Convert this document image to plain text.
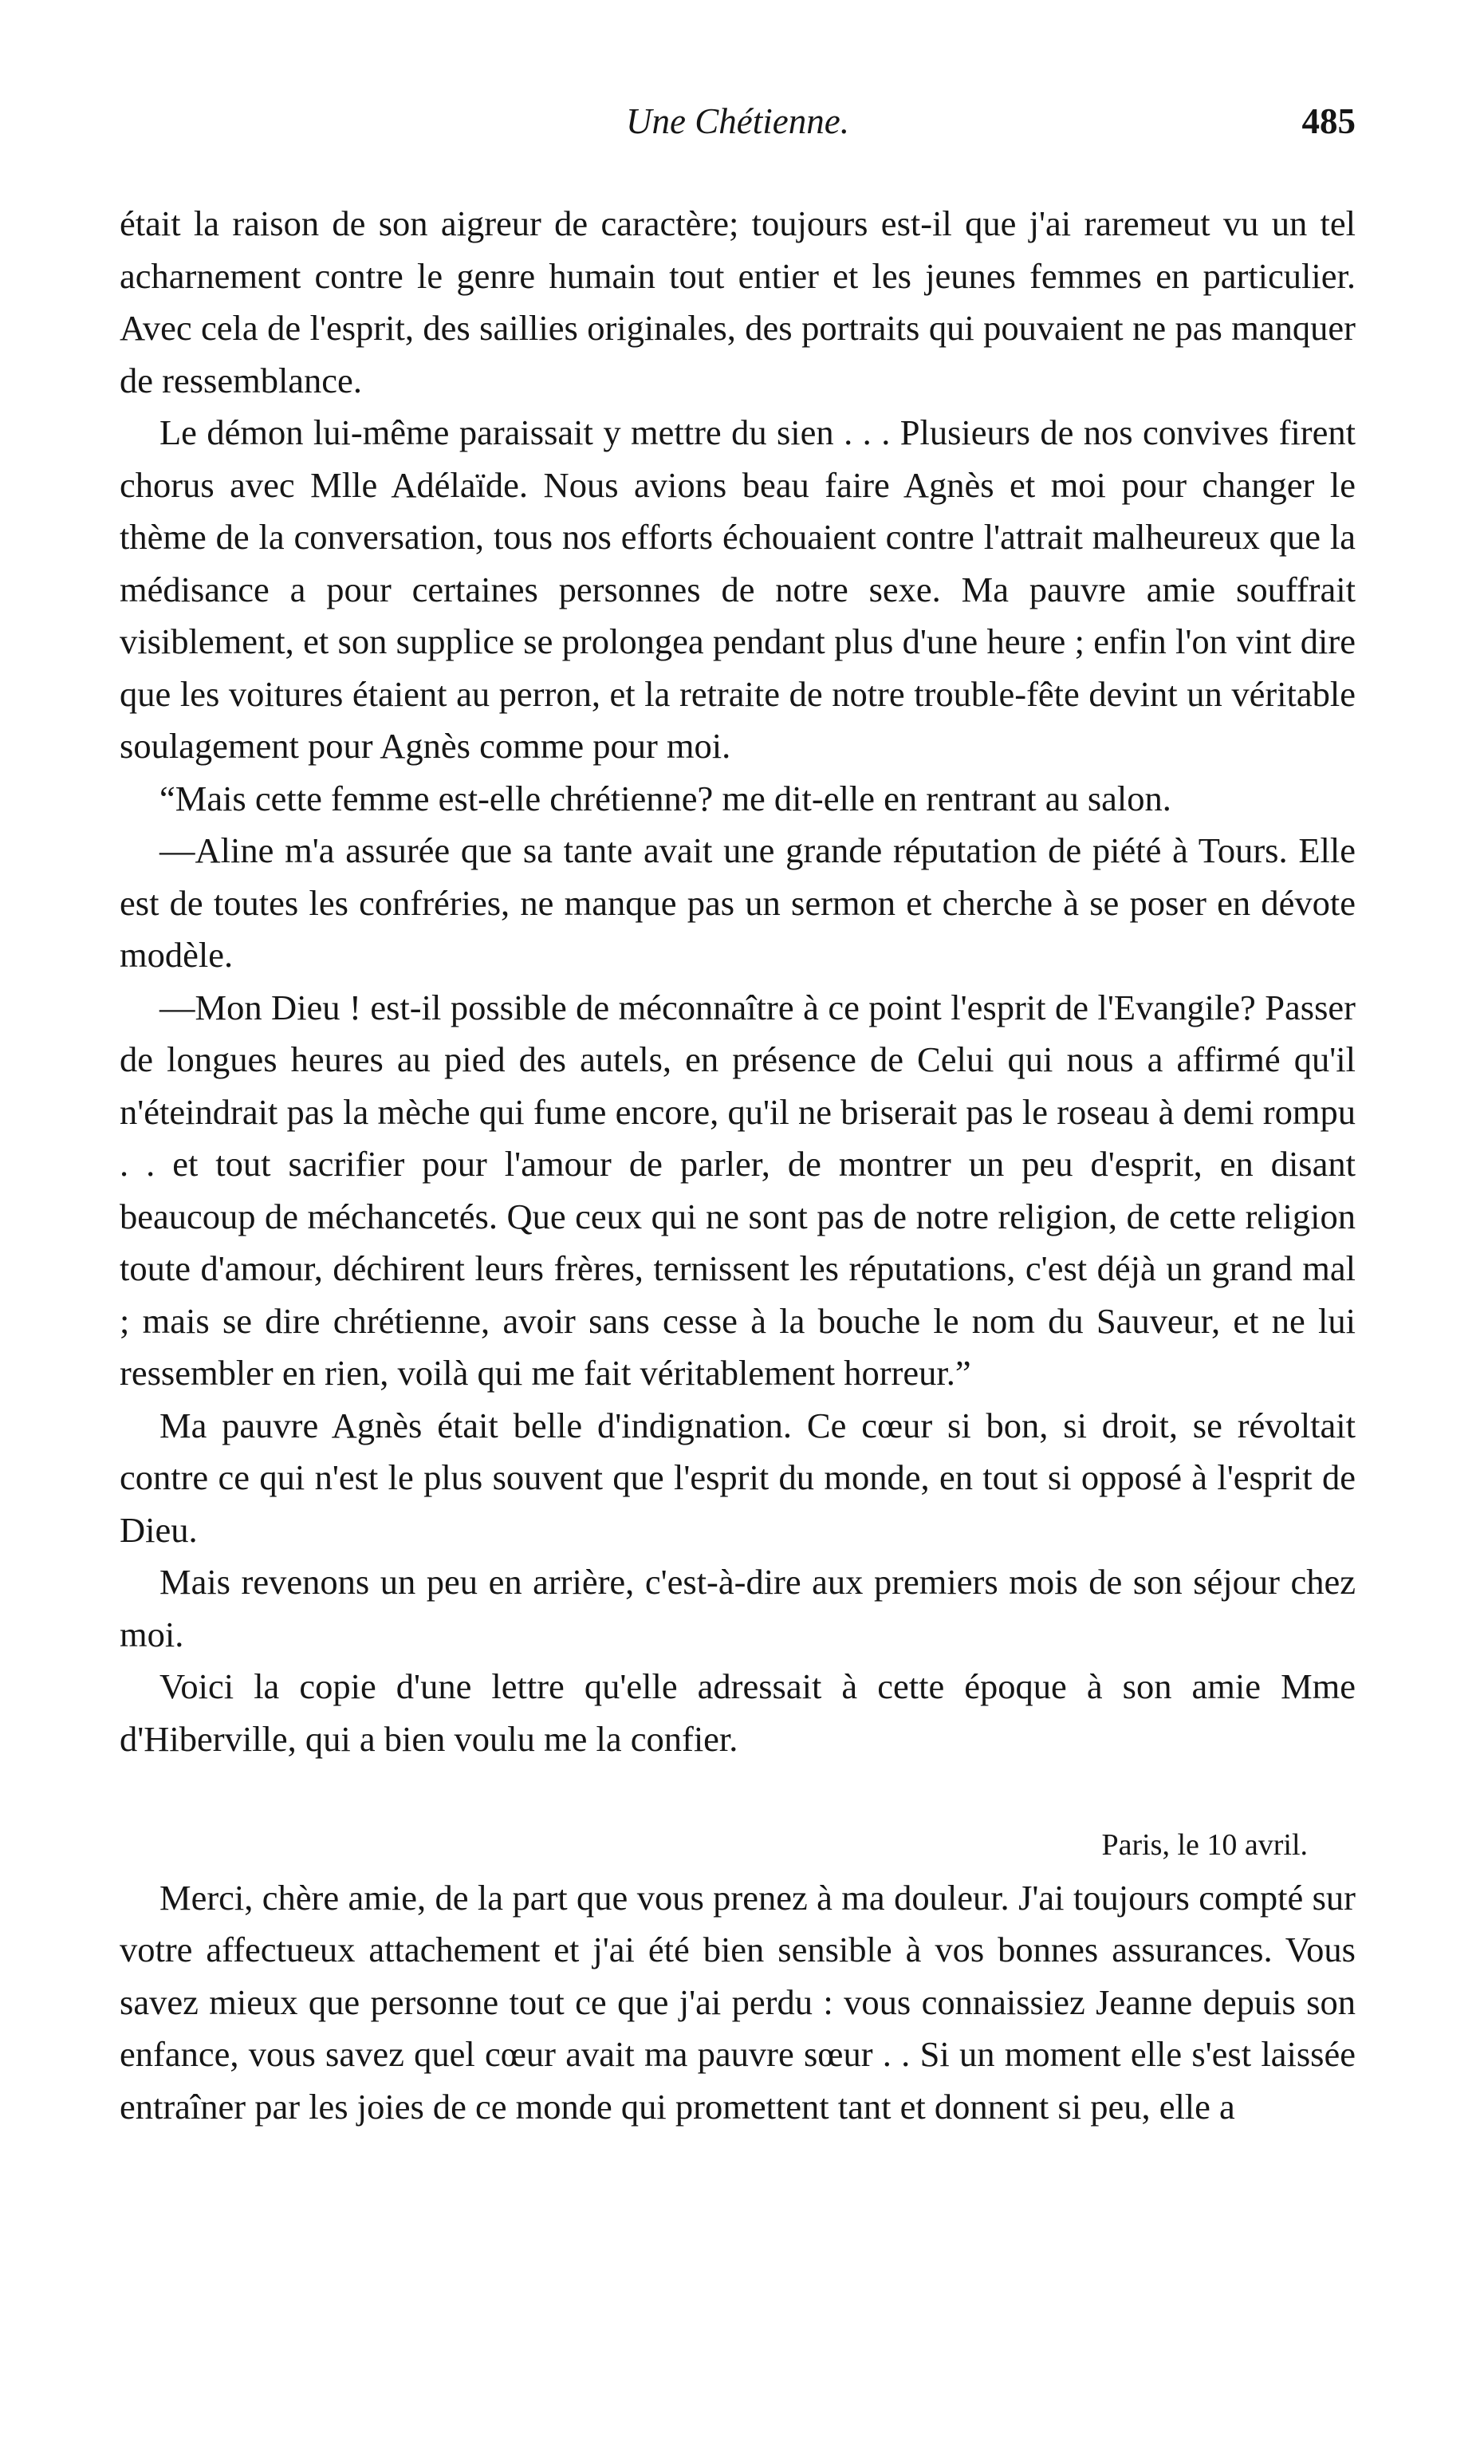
Une Chétienne.	485

était la raison de son aigreur de caractère; toujours est-il que j'ai raremeut vu un tel acharnement contre le genre humain tout entier et les jeunes femmes en particulier. Avec cela de l'esprit, des saillies originales, des portraits qui pouvaient ne pas manquer de ressemblance.

Le démon lui-même paraissait y mettre du sien . . . Plusieurs de nos convives firent chorus avec Mlle Adélaïde. Nous avions beau faire Agnès et moi pour changer le thème de la conversation, tous nos efforts échouaient contre l'attrait malheureux que la médisance a pour certaines personnes de notre sexe. Ma pauvre amie souffrait visiblement, et son supplice se prolongea pendant plus d'une heure ; enfin l'on vint dire que les voitures étaient au perron, et la retraite de notre trouble-fête devint un véritable soulagement pour Agnès comme pour moi.

“Mais cette femme est-elle chrétienne? me dit-elle en rentrant au salon.

—Aline m'a assurée que sa tante avait une grande réputation de piété à Tours. Elle est de toutes les confréries, ne manque pas un sermon et cherche à se poser en dévote modèle.

—Mon Dieu ! est-il possible de méconnaître à ce point l'esprit de l'Evangile? Passer de longues heures au pied des autels, en présence de Celui qui nous a affirmé qu'il n'éteindrait pas la mèche qui fume encore, qu'il ne briserait pas le roseau à demi rompu . . et tout sacrifier pour l'amour de parler, de montrer un peu d'esprit, en disant beaucoup de méchancetés. Que ceux qui ne sont pas de notre religion, de cette religion toute d'amour, déchirent leurs frères, ternissent les réputations, c'est déjà un grand mal ; mais se dire chrétienne, avoir sans cesse à la bouche le nom du Sauveur, et ne lui ressembler en rien, voilà qui me fait véritablement horreur.”

Ma pauvre Agnès était belle d'indignation. Ce cœur si bon, si droit, se révoltait contre ce qui n'est le plus souvent que l'esprit du monde, en tout si opposé à l'esprit de Dieu.

Mais revenons un peu en arrière, c'est-à-dire aux premiers mois de son séjour chez moi.

Voici la copie d'une lettre qu'elle adressait à cette époque à son amie Mme d'Hiberville, qui a bien voulu me la confier.

Paris, le 10 avril.

Merci, chère amie, de la part que vous prenez à ma douleur. J'ai toujours compté sur votre affectueux attachement et j'ai été bien sensible à vos bonnes assurances. Vous savez mieux que personne tout ce que j'ai perdu : vous connaissiez Jeanne depuis son enfance, vous savez quel cœur avait ma pauvre sœur . . Si un moment elle s'est laissée entraîner par les joies de ce monde qui promettent tant et donnent si peu, elle a
